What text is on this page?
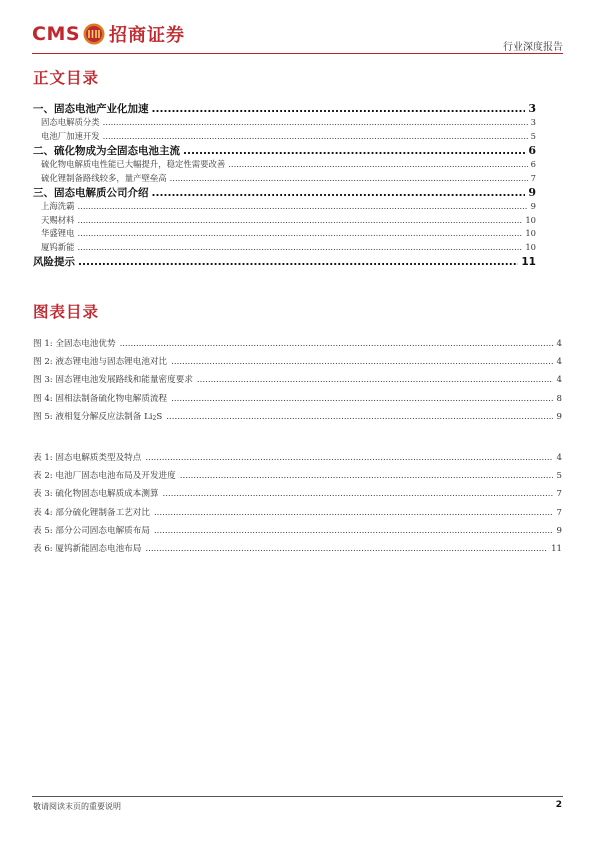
CMS 招商证券
行业深度报告
正文目录
一、固态电池产业化加速 .....	3
固态电解质分类 .....	3
电池厂加速开发 .....	5
二、硫化物成为全固态电池主流 .....	6
硫化物电解质电性能已大幅提升，稳定性需要改善 .....	6
硫化锂制备路线较多，量产壁垒高 .....	7
三、固态电解质公司介绍 .....	9
上海洗霸 .....	9
天赐材料 .....	10
华盛锂电 .....	10
厦钨新能 .....	10
风险提示 .....	11
图表目录
图 1: 全固态电池优势 .....	4
图 2: 液态锂电池与固态锂电池对比 .....	4
图 3: 固态锂电池发展路线和能量密度要求 .....	4
图 4: 固相法制备硫化物电解质流程 .....	8
图 5: 液相复分解反应法制备 Li2S .....	9
表 1: 固态电解质类型及特点 .....	4
表 2: 电池厂固态电池布局及开发进度 .....	5
表 3: 硫化物固态电解质成本测算 .....	7
表 4: 部分硫化锂制备工艺对比 .....	7
表 5: 部分公司固态电解质布局 .....	9
表 6: 厦钨新能固态电池布局 .....	11
敬请阅读末页的重要说明	2
